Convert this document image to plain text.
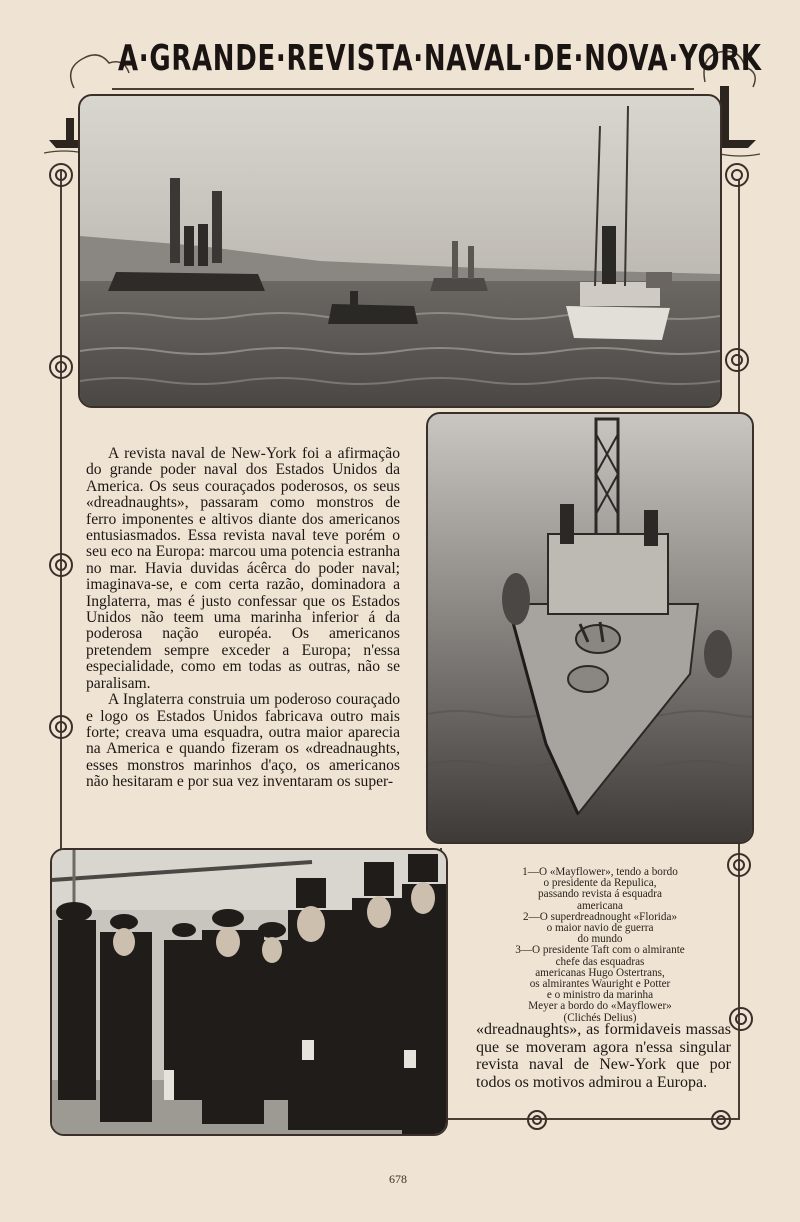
A·GRANDE·REVISTA·NAVAL·DE·NOVA·YORK

A revista naval de New-York foi a afirmação do grande poder naval dos Estados Unidos da America. Os seus couraçados poderosos, os seus «dreadnaughts», passaram como monstros de ferro imponentes e altivos diante dos americanos entusiasmados. Essa revista naval teve porém o seu eco na Europa: marcou uma potencia estranha no mar. Havia duvidas ácêrca do poder naval; imaginava-se, e com certa razão, dominadora a Inglaterra, mas é justo confessar que os Estados Unidos não teem uma marinha inferior á da poderosa nação européa. Os americanos pretendem sempre exceder a Europa; n'essa especialidade, como em todas as outras, não se paralisam.

A Inglaterra construia um poderoso couraçado e logo os Estados Unidos fabricava outro mais forte; creava uma esquadra, outra maior aparecia na America e quando fizeram os «dreadnaughts, esses monstros marinhos d'aço, os americanos não hesitaram e por sua vez inventaram os super-

1—O «Mayflower», tendo a bordo
o presidente da Repulica,
passando revista á esquadra
americana
2—O superdreadnought «Florida»
o maior navio de guerra
do mundo
3—O presidente Taft com o almirante
chefe das esquadras
americanas Hugo Ostertrans,
os almirantes Wauright e Potter
e o ministro da marinha
Meyer a bordo do «Mayflower»
(Clichés Delius)
«dreadnaughts», as formidaveis massas que se moveram agora n'essa singular revista naval de New-York que por todos os motivos admirou a Europa.
678
